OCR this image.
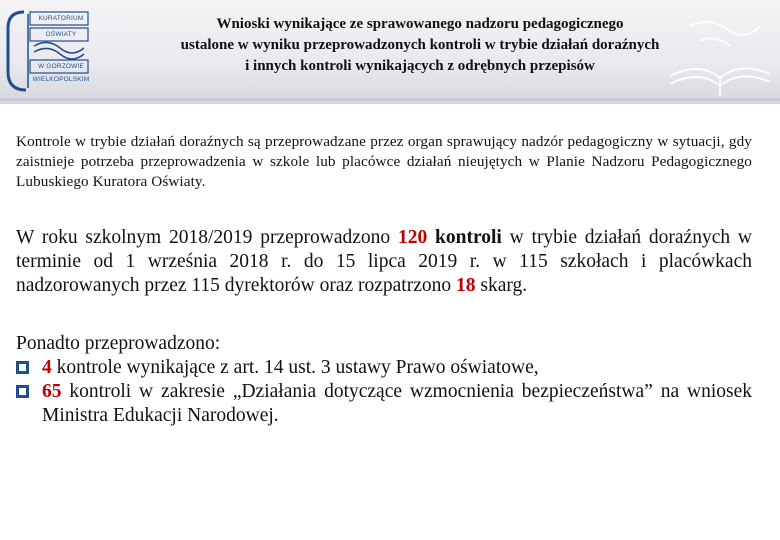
KURATORIUM
OŚWIATY
W GORZOWIE
WIELKOPOLSKIM
Wnioski wynikające ze sprawowanego nadzoru pedagogicznego
ustalone w wyniku przeprowadzonych kontroli w trybie działań doraźnych
i innych kontroli wynikających z odrębnych przepisów
Kontrole w trybie działań doraźnych są przeprowadzane przez organ sprawujący nadzór pedagogiczny w sytuacji, gdy zaistnieje potrzeba przeprowadzenia w szkole lub placówce działań nieujętych w Planie Nadzoru Pedagogicznego Lubuskiego Kuratora Oświaty.
W roku szkolnym 2018/2019 przeprowadzono 120 kontroli w trybie działań doraźnych w terminie od 1 września 2018 r. do 15 lipca 2019 r. w 115 szkołach i placówkach nadzorowanych przez 115 dyrektorów oraz rozpatrzono 18 skarg.
Ponadto przeprowadzono:
4 kontrole wynikające z art. 14 ust. 3 ustawy Prawo oświatowe,
65 kontroli w zakresie „Działania dotyczące wzmocnienia bezpieczeństwa” na wniosek Ministra Edukacji Narodowej.
